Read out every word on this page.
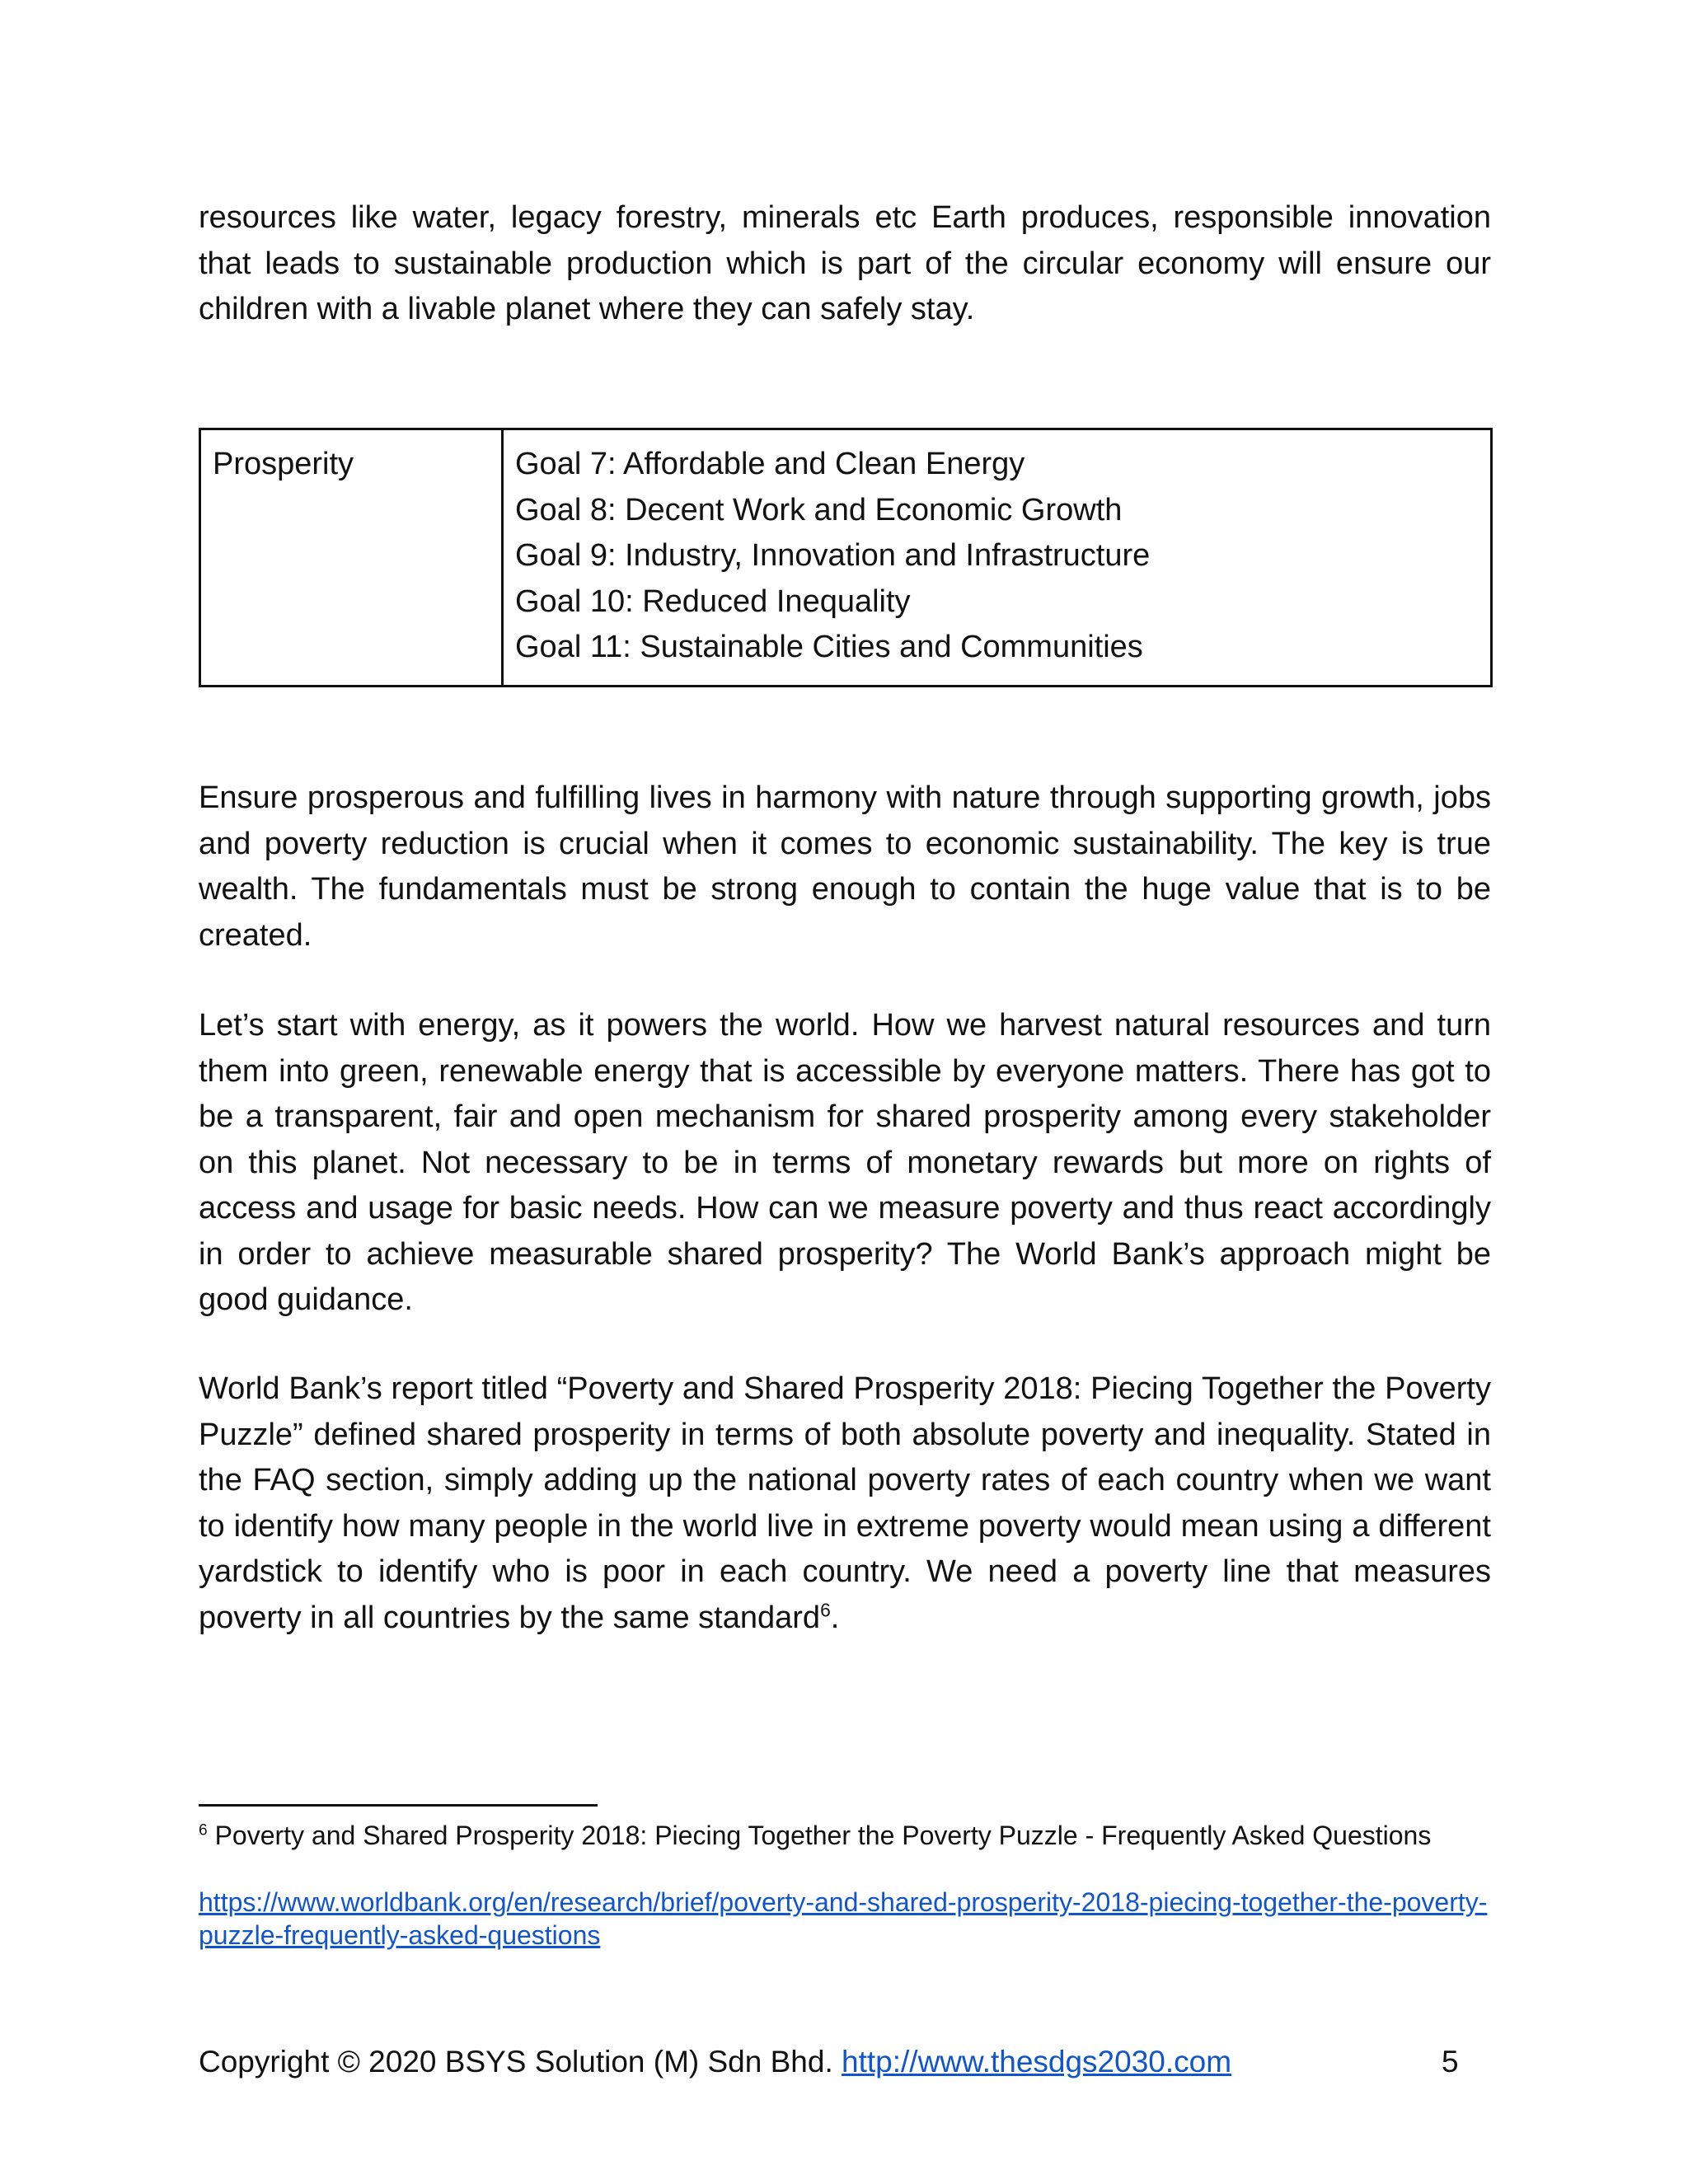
resources like water, legacy forestry, minerals etc Earth produces, responsible innovation that leads to sustainable production which is part of the circular economy will ensure our children with a livable planet where they can safely stay.

Prosperity	Goal 7: Affordable and Clean Energy
Goal 8: Decent Work and Economic Growth
Goal 9: Industry, Innovation and Infrastructure
Goal 10: Reduced Inequality
Goal 11: Sustainable Cities and Communities

Ensure prosperous and fulfilling lives in harmony with nature through supporting growth, jobs and poverty reduction is crucial when it comes to economic sustainability. The key is true wealth. The fundamentals must be strong enough to contain the huge value that is to be created.

Let’s start with energy, as it powers the world. How we harvest natural resources and turn them into green, renewable energy that is accessible by everyone matters. There has got to be a transparent, fair and open mechanism for shared prosperity among every stakeholder on this planet. Not necessary to be in terms of monetary rewards but more on rights of access and usage for basic needs. How can we measure poverty and thus react accordingly in order to achieve measurable shared prosperity? The World Bank’s approach might be good guidance.

World Bank’s report titled “Poverty and Shared Prosperity 2018: Piecing Together the Poverty Puzzle” defined shared prosperity in terms of both absolute poverty and inequality. Stated in the FAQ section, simply adding up the national poverty rates of each country when we want to identify how many people in the world live in extreme poverty would mean using a different yardstick to identify who is poor in each country. We need a poverty line that measures poverty in all countries by the same standard$^6$.

$^6$ Poverty and Shared Prosperity 2018: Piecing Together the Poverty Puzzle - Frequently Asked Questions

https://www.worldbank.org/en/research/brief/poverty-and-shared-prosperity-2018-piecing-together-the-poverty-puzzle-frequently-asked-questions
Copyright © 2020 BSYS Solution (M) Sdn Bhd. http://www.thesdgs2030.com	5
